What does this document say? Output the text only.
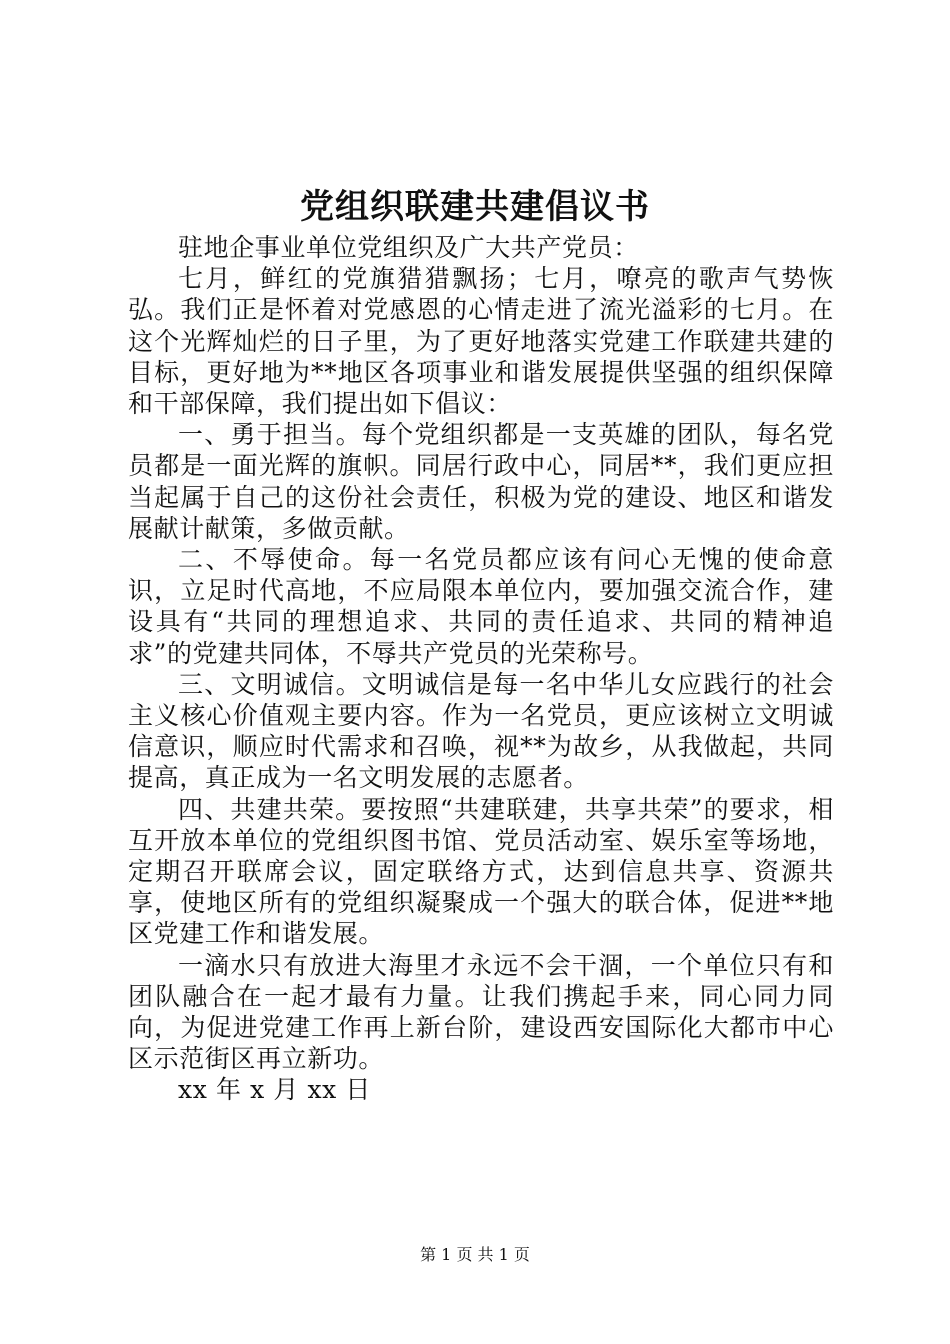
党组织联建共建倡议书

驻地企事业单位党组织及广大共产党员：

七月，鲜红的党旗猎猎飘扬；七月，嘹亮的歌声气势恢弘。我们正是怀着对党感恩的心情走进了流光溢彩的七月。在这个光辉灿烂的日子里，为了更好地落实党建工作联建共建的目标，更好地为**地区各项事业和谐发展提供坚强的组织保障和干部保障，我们提出如下倡议：

一、勇于担当。每个党组织都是一支英雄的团队，每名党员都是一面光辉的旗帜。同居行政中心，同居**，我们更应担当起属于自己的这份社会责任，积极为党的建设、地区和谐发展献计献策，多做贡献。

二、不辱使命。每一名党员都应该有问心无愧的使命意识，立足时代高地，不应局限本单位内，要加强交流合作，建设具有“共同的理想追求、共同的责任追求、共同的精神追求”的党建共同体，不辱共产党员的光荣称号。

三、文明诚信。文明诚信是每一名中华儿女应践行的社会主义核心价值观主要内容。作为一名党员，更应该树立文明诚信意识，顺应时代需求和召唤，视**为故乡，从我做起，共同提高，真正成为一名文明发展的志愿者。

四、共建共荣。要按照“共建联建，共享共荣”的要求，相互开放本单位的党组织图书馆、党员活动室、娱乐室等场地，定期召开联席会议，固定联络方式，达到信息共享、资源共享，使地区所有的党组织凝聚成一个强大的联合体，促进**地区党建工作和谐发展。

一滴水只有放进大海里才永远不会干涸，一个单位只有和团队融合在一起才最有力量。让我们携起手来，同心同力同向，为促进党建工作再上新台阶，建设西安国际化大都市中心区示范街区再立新功。

xx 年 x 月 xx 日

第 1 页 共 1 页
